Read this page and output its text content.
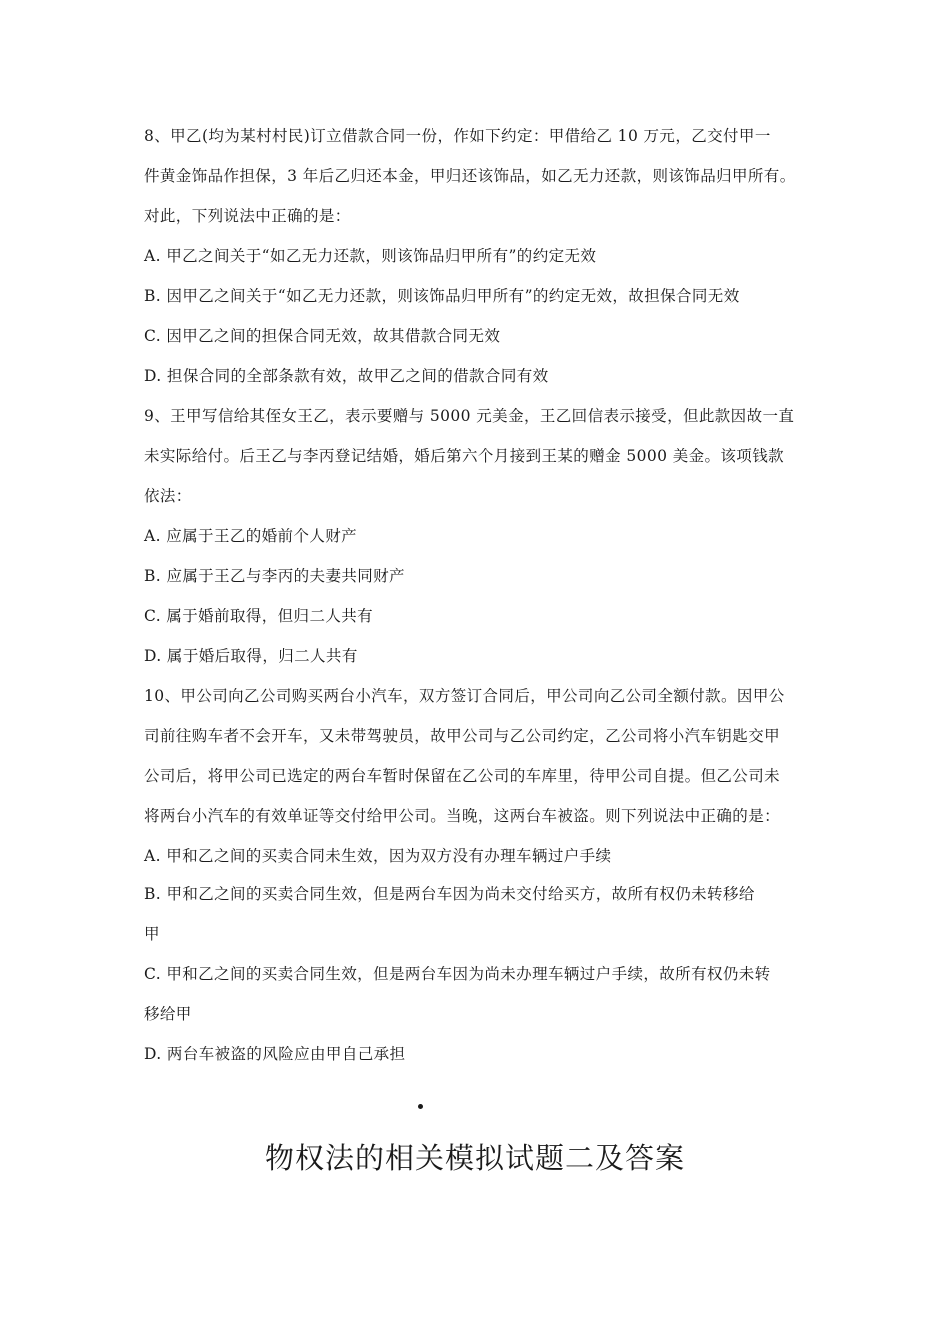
8、甲乙(均为某村村民)订立借款合同一份，作如下约定：甲借给乙 10 万元，乙交付甲一
件黄金饰品作担保，3 年后乙归还本金，甲归还该饰品，如乙无力还款，则该饰品归甲所有。
对此，下列说法中正确的是：
A. 甲乙之间关于“如乙无力还款，则该饰品归甲所有”的约定无效
B. 因甲乙之间关于“如乙无力还款，则该饰品归甲所有”的约定无效，故担保合同无效
C. 因甲乙之间的担保合同无效，故其借款合同无效
D. 担保合同的全部条款有效，故甲乙之间的借款合同有效
9、王甲写信给其侄女王乙，表示要赠与 5000 元美金，王乙回信表示接受，但此款因故一直
未实际给付。后王乙与李丙登记结婚，婚后第六个月接到王某的赠金 5000 美金。该项钱款
依法：
A. 应属于王乙的婚前个人财产
B. 应属于王乙与李丙的夫妻共同财产
C. 属于婚前取得，但归二人共有
D. 属于婚后取得，归二人共有
10、甲公司向乙公司购买两台小汽车，双方签订合同后，甲公司向乙公司全额付款。因甲公
司前往购车者不会开车，又未带驾驶员，故甲公司与乙公司约定，乙公司将小汽车钥匙交甲
公司后，将甲公司已选定的两台车暂时保留在乙公司的车库里，待甲公司自提。但乙公司未
将两台小汽车的有效单证等交付给甲公司。当晚，这两台车被盗。则下列说法中正确的是：
A. 甲和乙之间的买卖合同未生效，因为双方没有办理车辆过户手续
B. 甲和乙之间的买卖合同生效，但是两台车因为尚未交付给买方，故所有权仍未转移给
甲
C. 甲和乙之间的买卖合同生效，但是两台车因为尚未办理车辆过户手续，故所有权仍未转
移给甲
D. 两台车被盗的风险应由甲自己承担
物权法的相关模拟试题二及答案
